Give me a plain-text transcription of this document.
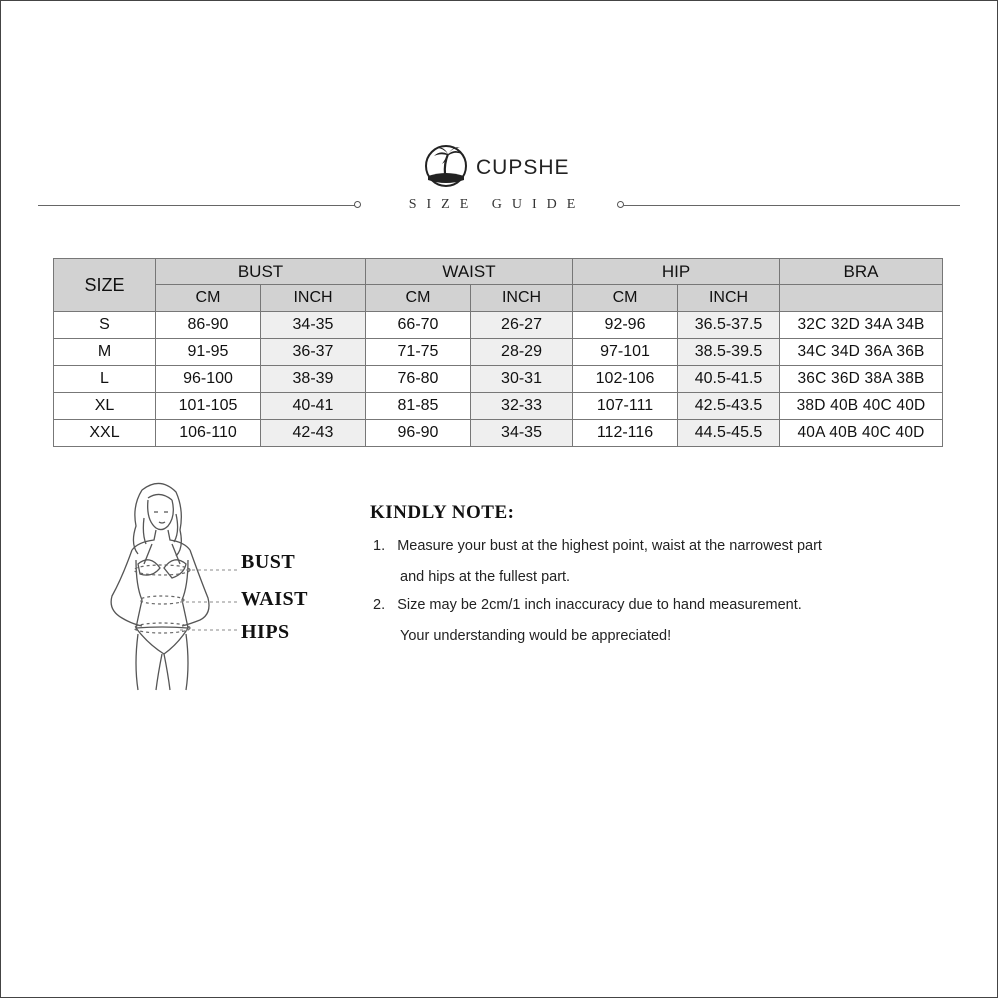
CUPSHE
SIZE GUIDE
SIZE	BUST		WAIST		HIP		BRA
	CM	INCH	CM	INCH	CM	INCH	
S	86-90	34-35	66-70	26-27	92-96	36.5-37.5	32C 32D 34A 34B
M	91-95	36-37	71-75	28-29	97-101	38.5-39.5	34C 34D 36A 36B
L	96-100	38-39	76-80	30-31	102-106	40.5-41.5	36C 36D 38A 38B
XL	101-105	40-41	81-85	32-33	107-111	42.5-43.5	38D 40B 40C 40D
XXL	106-110	42-43	96-90	34-35	112-116	44.5-45.5	40A 40B 40C 40D
BUST
WAIST
HIPS
KINDLY NOTE:
1. Measure your bust at the highest point, waist at the narrowest part
and hips at the fullest part.
2. Size may be 2cm/1 inch inaccuracy due to hand measurement.
Your understanding would be appreciated!
